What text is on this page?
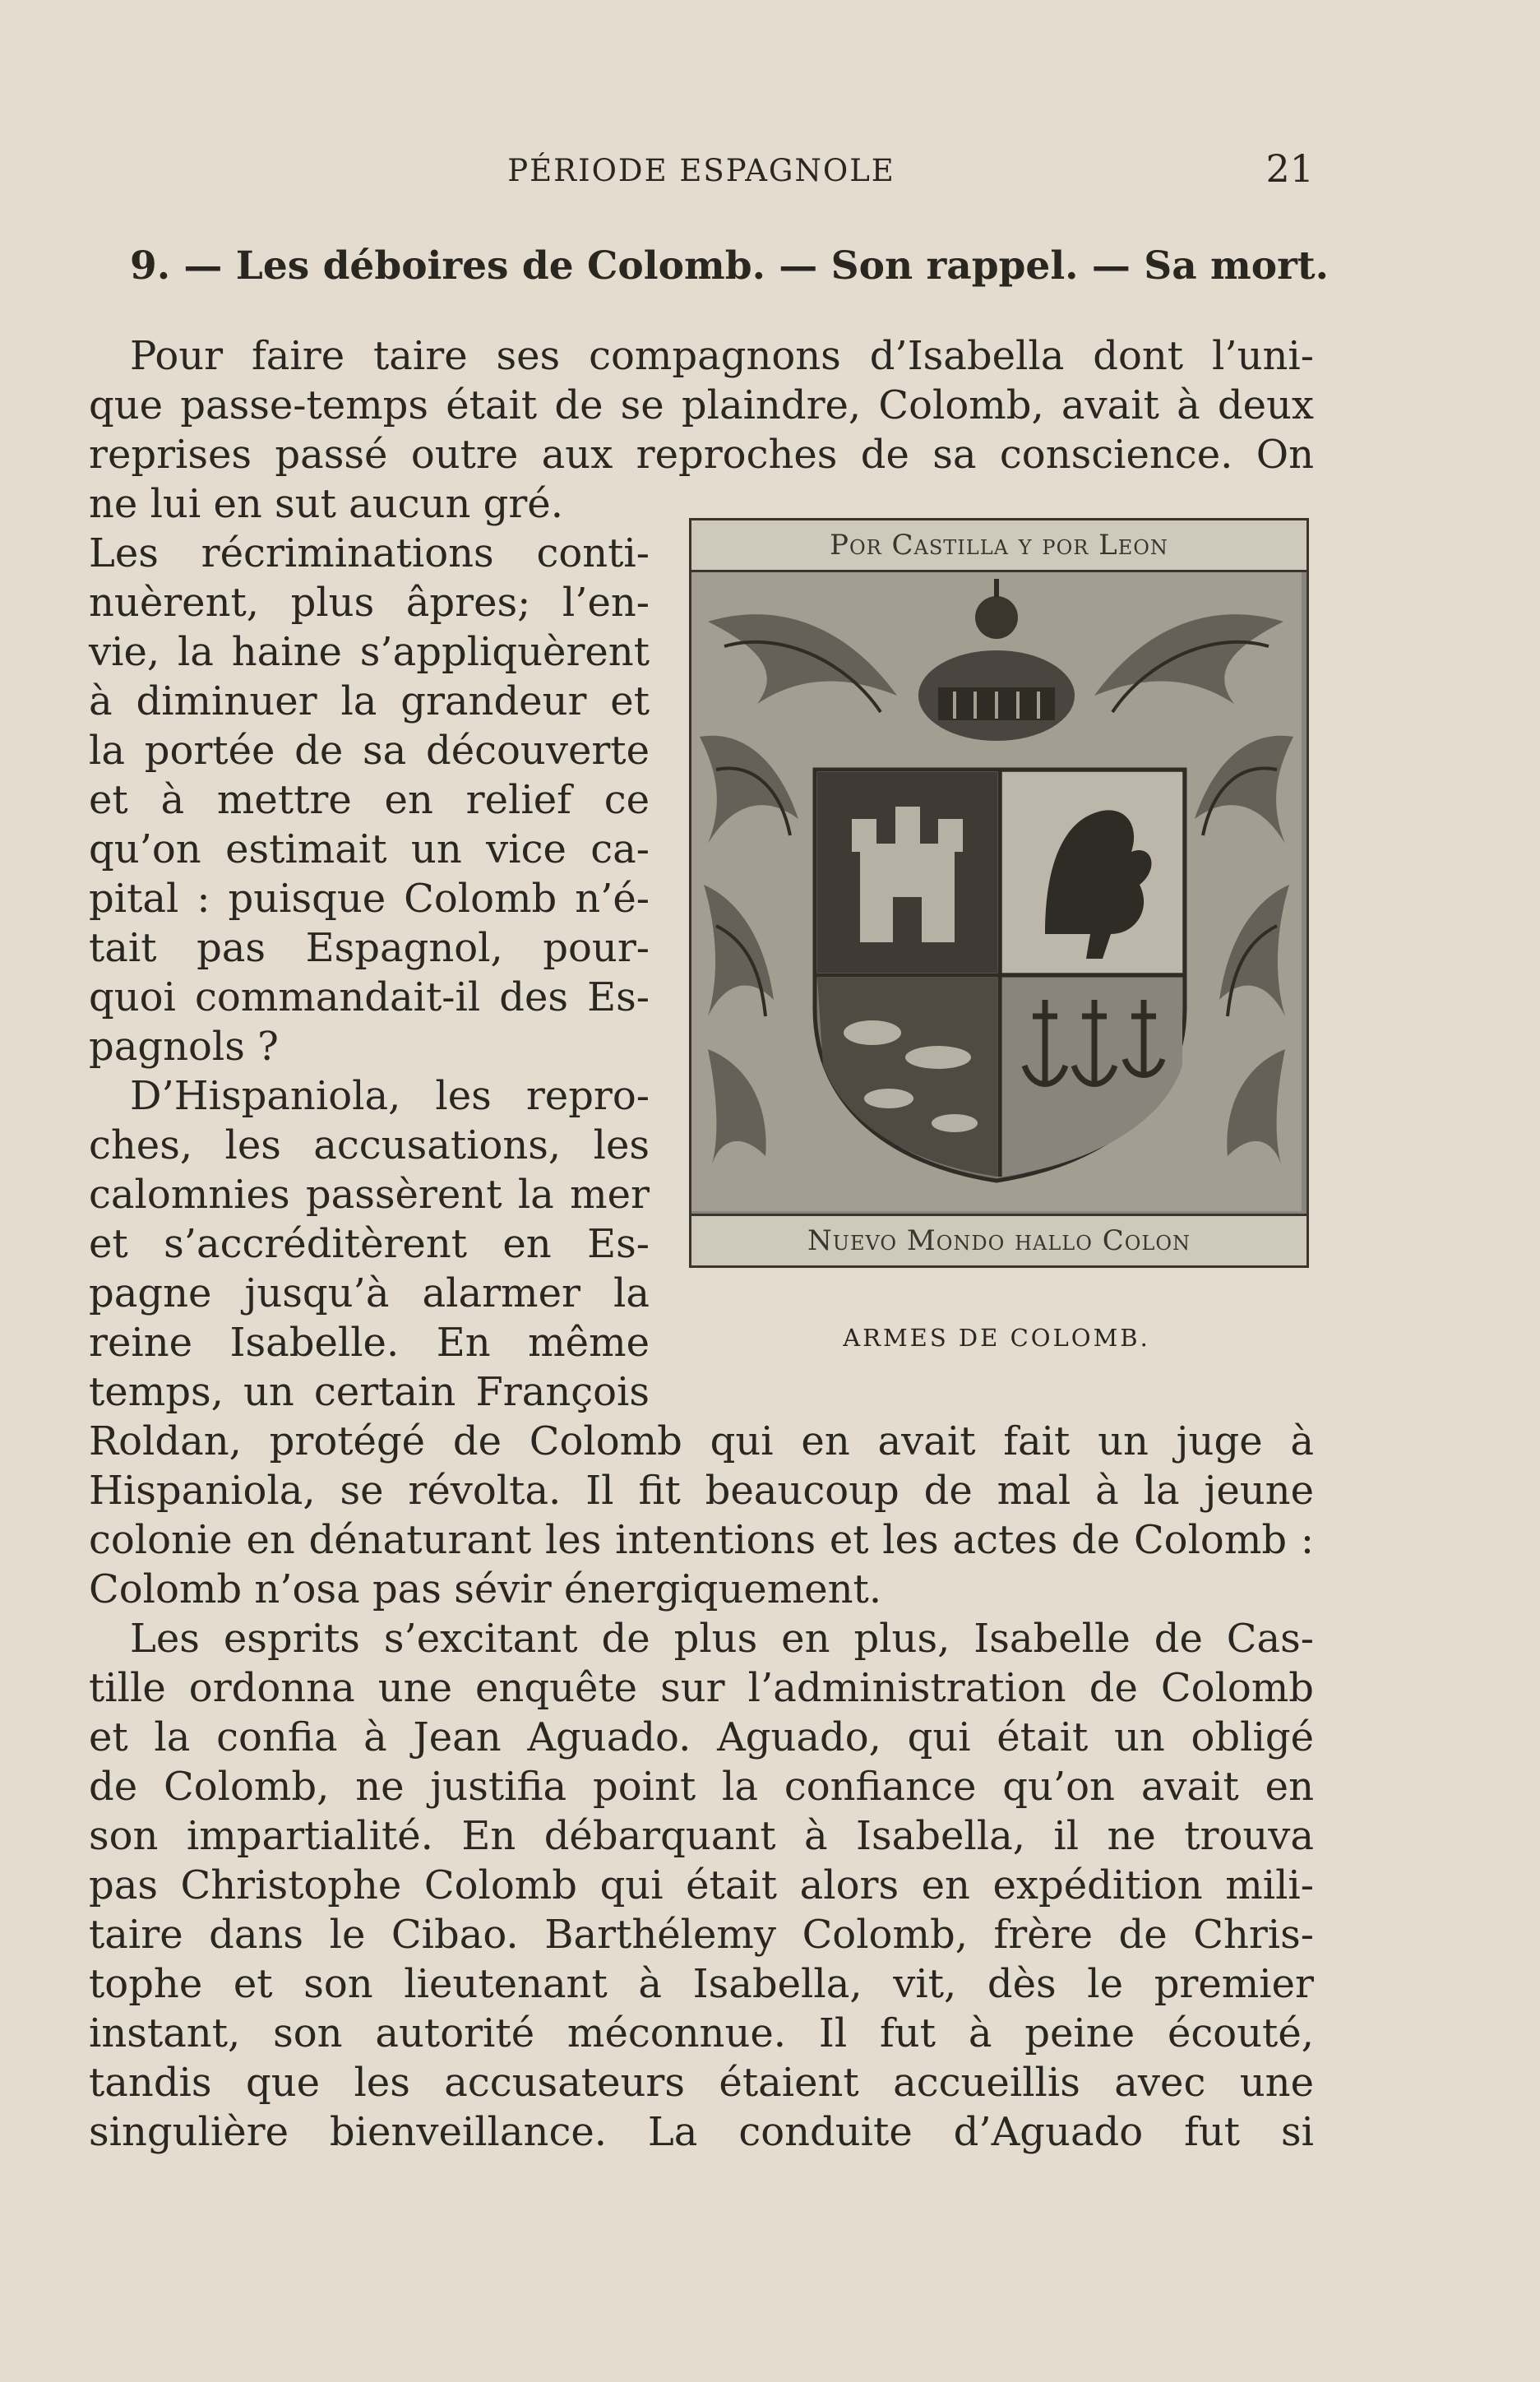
PÉRIODE ESPAGNOLE	21
9. — Les déboires de Colomb. — Son rappel. — Sa mort.
Pour faire taire ses compagnons d’Isabella dont l’uni-
que passe-temps était de se plaindre, Colomb, avait à deux
reprises passé outre aux reproches de sa conscience. On
ne lui en sut aucun gré.
Les récriminations conti-
nuèrent, plus âpres; l’en-
vie, la haine s’appliquèrent
à diminuer la grandeur et
la portée de sa découverte
et à mettre en relief ce
qu’on estimait un vice ca-
pital : puisque Colomb n’é-
tait pas Espagnol, pour-
quoi commandait-il des Es-
pagnols ?
D’Hispaniola, les repro-
ches, les accusations, les
calomnies passèrent la mer
et s’accréditèrent en Es-
pagne jusqu’à alarmer la
reine Isabelle. En même
temps, un certain François
Roldan, protégé de Colomb qui en avait fait un juge à
Hispaniola, se révolta. Il fit beaucoup de mal à la jeune
colonie en dénaturant les intentions et les actes de Colomb :
Colomb n’osa pas sévir énergiquement.
Les esprits s’excitant de plus en plus, Isabelle de Cas-
tille ordonna une enquête sur l’administration de Colomb
et la confia à Jean Aguado. Aguado, qui était un obligé
de Colomb, ne justifia point la confiance qu’on avait en
son impartialité. En débarquant à Isabella, il ne trouva
pas Christophe Colomb qui était alors en expédition mili-
taire dans le Cibao. Barthélemy Colomb, frère de Chris-
tophe et son lieutenant à Isabella, vit, dès le premier
instant, son autorité méconnue. Il fut à peine écouté,
tandis que les accusateurs étaient accueillis avec une
singulière bienveillance. La conduite d’Aguado fut si
Por Castilla y por Leon
Nuevo Mondo hallo Colon
ARMES DE COLOMB.
